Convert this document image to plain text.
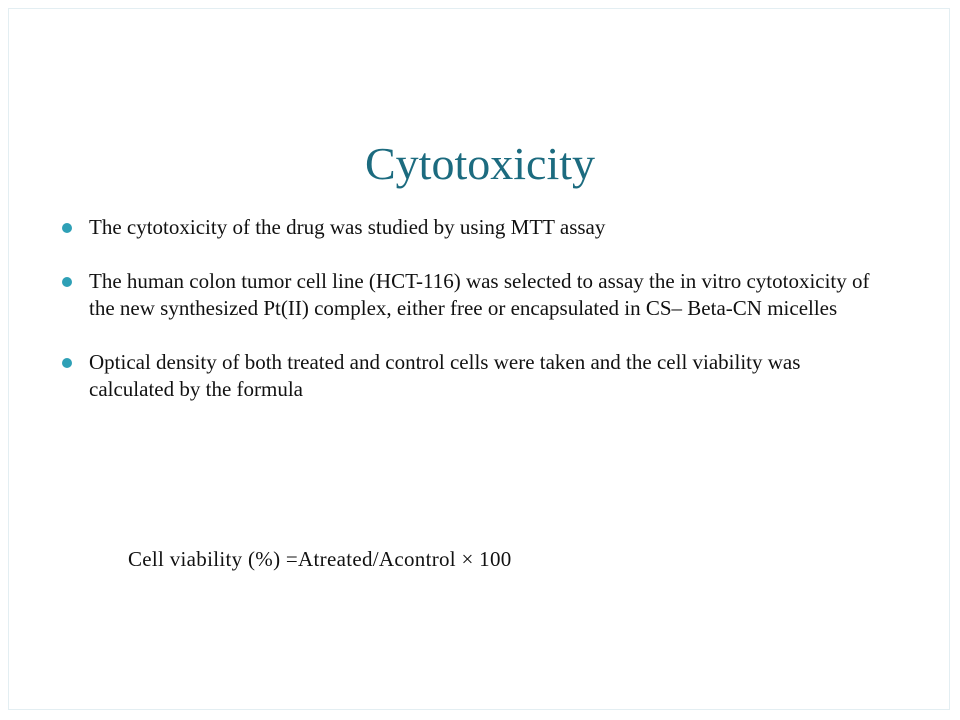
Cytotoxicity
The cytotoxicity of the drug was studied by using MTT assay
The human colon tumor cell line (HCT-116) was selected to assay the in vitro cytotoxicity of the new synthesized Pt(II) complex, either free or encapsulated in CS– Beta-CN micelles
Optical density of both treated and control cells were taken and the cell viability was calculated by the formula
Cell viability (%) =Atreated/Acontrol × 100
